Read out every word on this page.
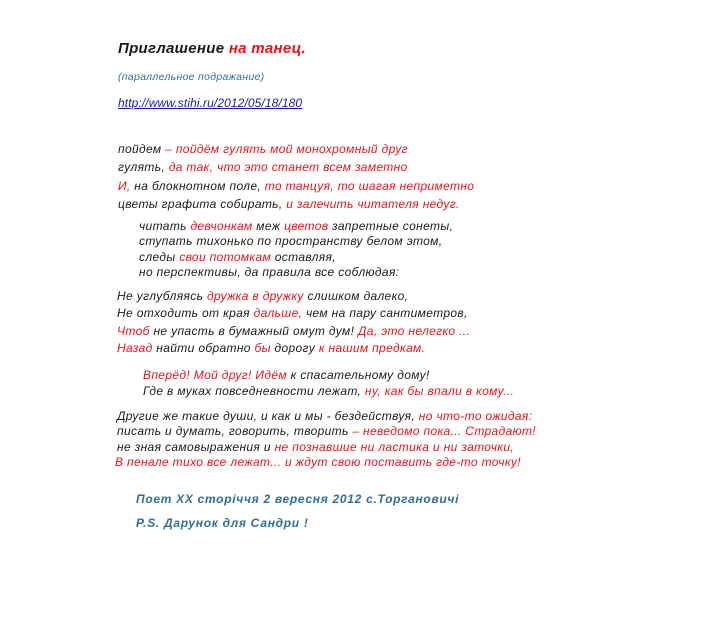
Приглашение на танец.
(параллельное подражание)
http://www.stihi.ru/2012/05/18/180
пойдем – пойдём гулять мой монохромный друг
гулять, да так, что это станет всем заметно
И, на блокнотном поле, то танцуя, то шагая неприметно
цветы графита собирать, и залечить читателя недуг.
читать девчонкам меж цветов запретные сонеты,
ступать тихонько по пространству белом этом,
следы свои потомкам оставляя,
но перспективы, да правила все соблюдая:
Не углубляясь дружка в дружку слишком далеко,
Не отходить от края дальше, чем на пару сантиметров,
Чтоб не упасть в бумажный омут дум! Да, это нелегко ...
Назад найти обратно бы дорогу к нашим предкам.
Вперёд! Мой друг! Идём к спасательному дому!
Где в муках повседневности лежат, ну, как бы впали в кому...
Другие же такие души, и как и мы - бездействуя, но что-то ожидая:
писать и думать, говорить, творить – неведомо пока... Страдают!
не зная самовыражения и не познавшие ни ластика и ни заточки,
В пенале тихо все лежат... и ждут свою поставить где-то точку!
Поет ХХ сторіччя 2 вересня 2012 с.Торгановичі
P.S. Дарунок для Сандри !
